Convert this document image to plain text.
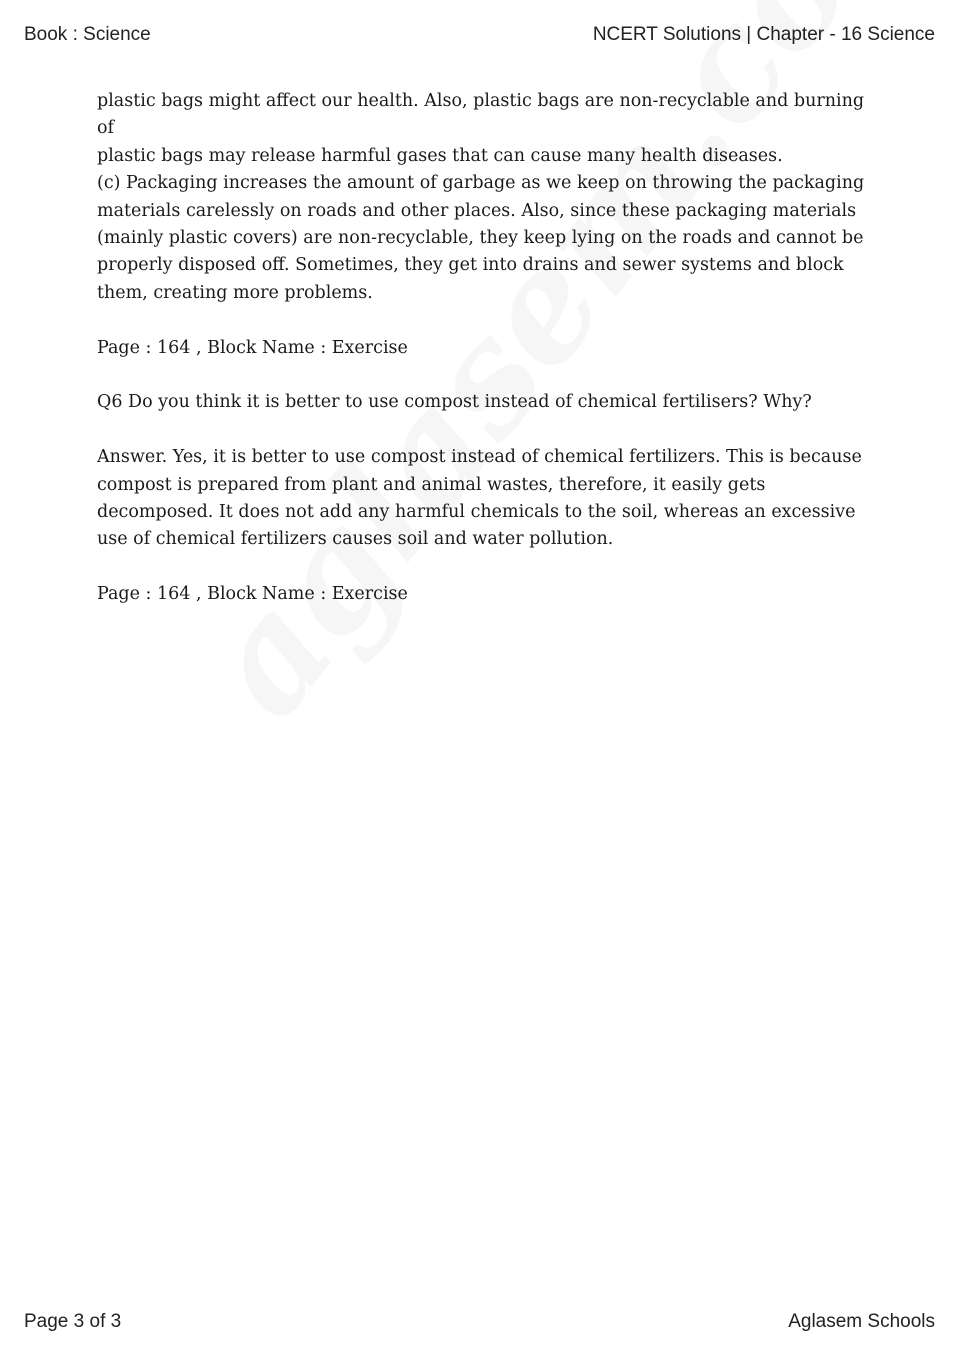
Book : Science	NCERT Solutions | Chapter - 16 Science

plastic bags might affect our health. Also, plastic bags are non-recyclable and burning of
plastic bags may release harmful gases that can cause many health diseases.
(c) Packaging increases the amount of garbage as we keep on throwing the packaging materials carelessly on roads and other places. Also, since these packaging materials (mainly plastic covers) are non-recyclable, they keep lying on the roads and cannot be properly disposed off. Sometimes, they get into drains and sewer systems and block them, creating more problems.

Page : 164 , Block Name : Exercise

Q6 Do you think it is better to use compost instead of chemical fertilisers? Why?

Answer. Yes, it is better to use compost instead of chemical fertilizers. This is because compost is prepared from plant and animal wastes, therefore, it easily gets decomposed. It does not add any harmful chemicals to the soil, whereas an excessive use of chemical fertilizers causes soil and water pollution.

Page : 164 , Block Name : Exercise

Page 3 of 3	Aglasem Schools
